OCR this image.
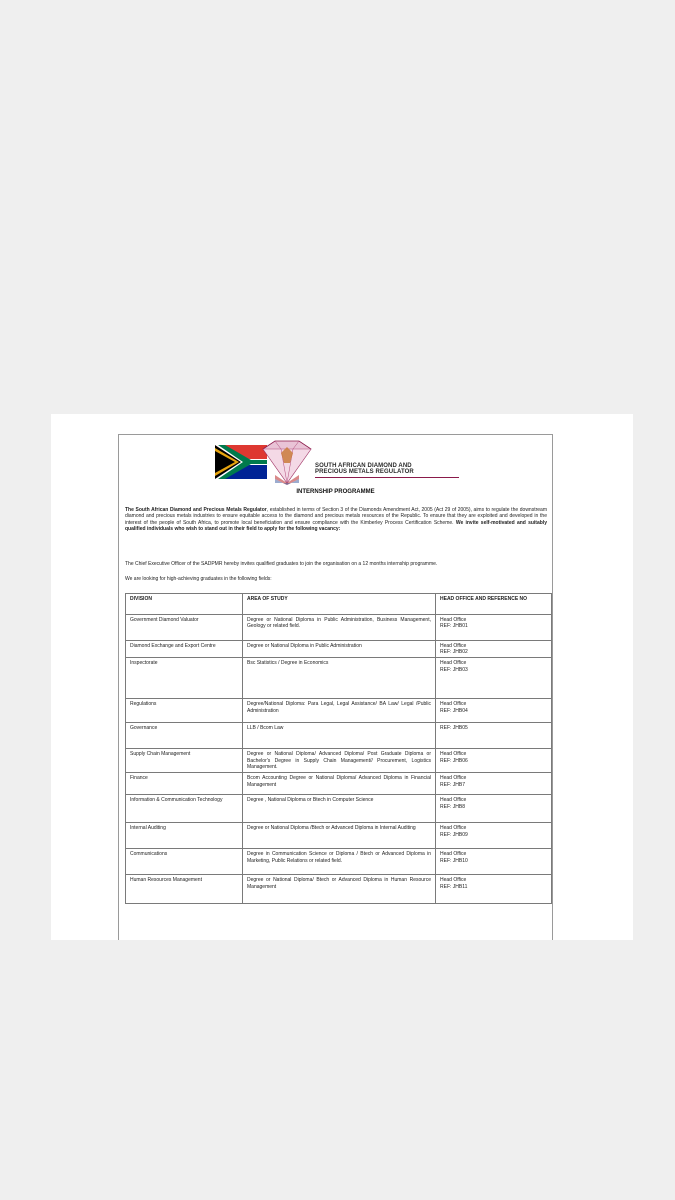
SOUTH AFRICAN DIAMOND AND
PRECIOUS METALS REGULATOR
INTERNSHIP PROGRAMME

The South African Diamond and Precious Metals Regulator, established in terms of Section 3 of the Diamonds Amendment Act, 2005 (Act 29 of 2005), aims to regulate the downstream diamond and precious metals industries to ensure equitable access to the diamond and precious metals resources of the Republic. To ensure that they are exploited and developed in the interest of the people of South Africa, to promote local beneficiation and ensure compliance with the Kimberley Process Certification Scheme. We invite self-motivated and suitably qualified individuals who wish to stand out in their field to apply for the following vacancy:

The Chief Executive Officer of the SADPMR hereby invites qualified graduates to join the organisation on a 12 months internship programme.

We are looking for high-achieving graduates in the following fields:

DIVISION	AREA OF STUDY	HEAD OFFICE AND REFERENCE NO
Government Diamond Valuator	Degree or National Diploma in Public Administration, Business Management, Geology or related field.	Head Office
REF: JHB01

Diamond Exchange and Export Centre	Degree or National Diploma in Public Administration	Head Office
REF: JHB02

Inspectorate	Bsc Statistics / Degree in Economics	Head Office
REF: JHB03

Regulations	Degree/National Diploma: Para Legal, Legal Assistance/ BA Law/ Legal /Public Administration	Head Office
REF: JHB04

Governance	LLB / Bcom Law	REF: JHB05

Supply Chain Management	Degree or National Diploma/ Advanced Diploma/ Post Graduate Diploma or Bachelor's Degree in Supply Chain Management// Procurement, Logistics Management.	Head Office
REF: JHB06

Finance	Bcom Accounting Degree or National Diploma/ Advanced Diploma in Financial Management	Head Office
REF: JHB7

Information & Communication Technology	Degree , National Diploma or Btech in Computer Science	Head Office
REF: JHB8

Internal Auditing	Degree or National Diploma /Btech or Advanced Diploma in Internal Auditing	Head Office
REF: JHB09

Communications	Degree in Communication Science or Diploma / Btech or Advanced Diploma in Marketing, Public Relations or related field.	Head Office
REF: JHB10

Human Resources Management	Degree or National Diploma/ Btech or Advanced Diploma in Human Resource Management	Head Office
REF: JHB11
